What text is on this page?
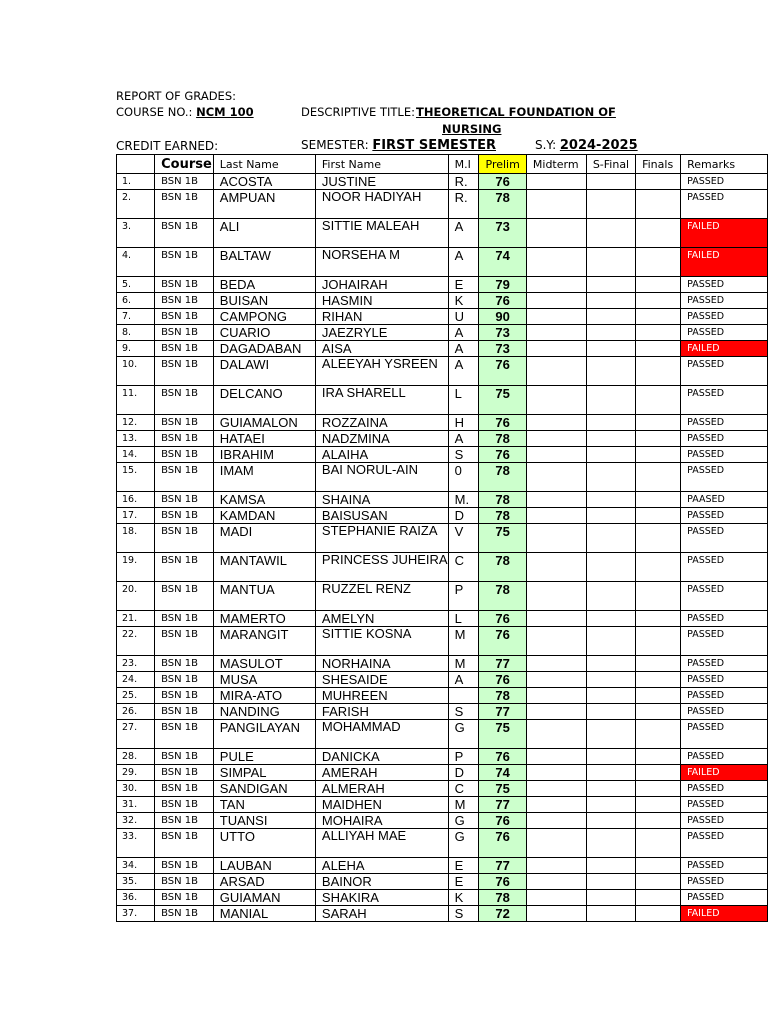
REPORT OF GRADES:
COURSE NO.: NCM 100	DESCRIPTIVE TITLE: THEORETICAL FOUNDATION OF
NURSING
CREDIT EARNED:	SEMESTER: FIRST SEMESTER	S.Y: 2024-2025
	Course	Last Name	First Name	M.I	Prelim	Midterm	S-Final	Finals	Remarks
1.	BSN 1B	ACOSTA	JUSTINE	R.	76				PASSED
2.	BSN 1B	AMPUAN	NOOR HADIYAH	R.	78				PASSED
3.	BSN 1B	ALI	SITTIE MALEAH	A	73				FAILED
4.	BSN 1B	BALTAW	NORSEHA M	A	74				FAILED
5.	BSN 1B	BEDA	JOHAIRAH	E	79				PASSED
6.	BSN 1B	BUISAN	HASMIN	K	76				PASSED
7.	BSN 1B	CAMPONG	RIHAN	U	90				PASSED
8.	BSN 1B	CUARIO	JAEZRYLE	A	73				PASSED
9.	BSN 1B	DAGADABAN	AISA	A	73				FAILED
10.	BSN 1B	DALAWI	ALEEYAH YSREEN	A	76				PASSED
11.	BSN 1B	DELCANO	IRA SHARELL	L	75				PASSED
12.	BSN 1B	GUIAMALON	ROZZAINA	H	76				PASSED
13.	BSN 1B	HATAEI	NADZMINA	A	78				PASSED
14.	BSN 1B	IBRAHIM	ALAIHA	S	76				PASSED
15.	BSN 1B	IMAM	BAI NORUL-AIN	0	78				PASSED
16.	BSN 1B	KAMSA	SHAINA	M.	78				PAASED
17.	BSN 1B	KAMDAN	BAISUSAN	D	78				PASSED
18.	BSN 1B	MADI	STEPHANIE RAIZA	V	75				PASSED
19.	BSN 1B	MANTAWIL	PRINCESS JUHEIRA	C	78				PASSED
20.	BSN 1B	MANTUA	RUZZEL RENZ	P	78				PASSED
21.	BSN 1B	MAMERTO	AMELYN	L	76				PASSED
22.	BSN 1B	MARANGIT	SITTIE KOSNA	M	76				PASSED
23.	BSN 1B	MASULOT	NORHAINA	M	77				PASSED
24.	BSN 1B	MUSA	SHESAIDE	A	76				PASSED
25.	BSN 1B	MIRA-ATO	MUHREEN		78				PASSED
26.	BSN 1B	NANDING	FARISH	S	77				PASSED
27.	BSN 1B	PANGILAYAN	MOHAMMAD	G	75				PASSED
28.	BSN 1B	PULE	DANICKA	P	76				PASSED
29.	BSN 1B	SIMPAL	AMERAH	D	74				FAILED
30.	BSN 1B	SANDIGAN	ALMERAH	C	75				PASSED
31.	BSN 1B	TAN	MAIDHEN	M	77				PASSED
32.	BSN 1B	TUANSI	MOHAIRA	G	76				PASSED
33.	BSN 1B	UTTO	ALLIYAH MAE	G	76				PASSED
34.	BSN 1B	LAUBAN	ALEHA	E	77				PASSED
35.	BSN 1B	ARSAD	BAINOR	E	76				PASSED
36.	BSN 1B	GUIAMAN	SHAKIRA	K	78				PASSED
37.	BSN 1B	MANIAL	SARAH	S	72				FAILED
